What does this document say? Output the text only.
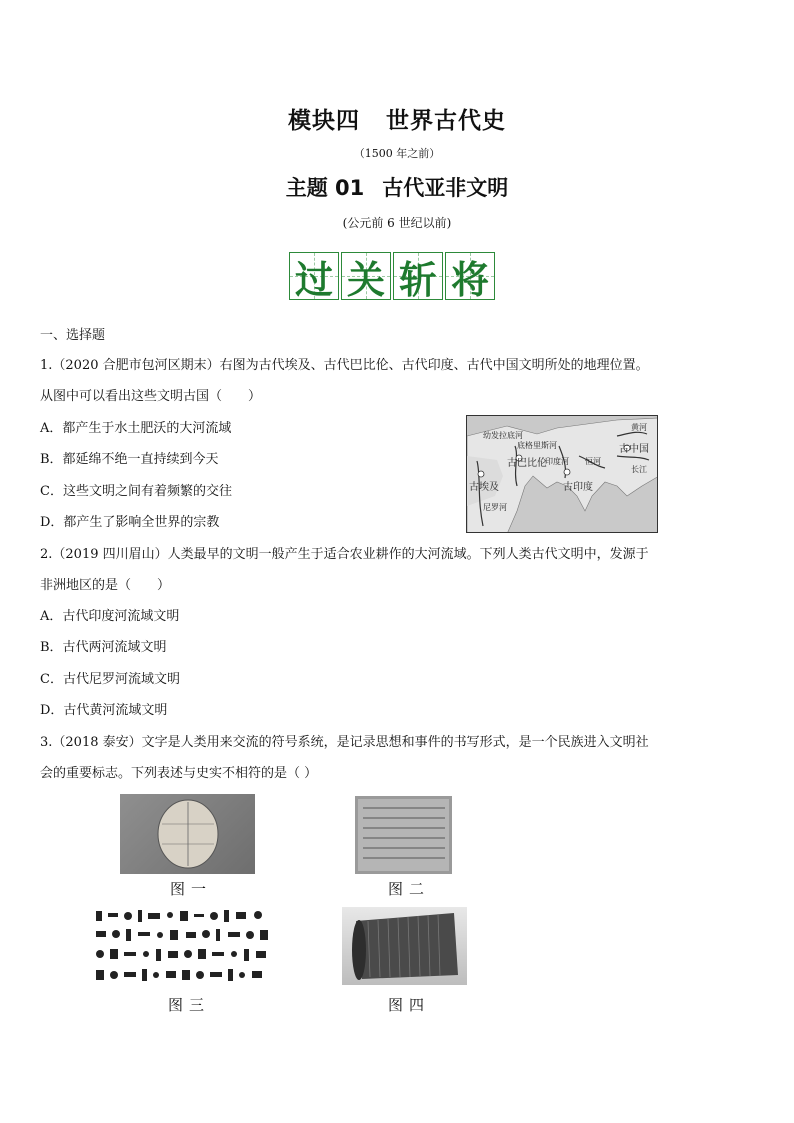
模块四 世界古代史
（1500 年之前）
主题 01 古代亚非文明
(公元前 6 世纪以前)
过 关 斩 将
一、选择题
1.（2020 合肥市包河区期末）右图为古代埃及、古代巴比伦、古代印度、古代中国文明所处的地理位置。
从图中可以看出这些文明古国（　　）
A．都产生于水土肥沃的大河流域
B．都延绵不绝一直持续到今天
C．这些文明之间有着频繁的交往
D．都产生了影响全世界的宗教
幼发拉底河
底格里斯河
古巴比伦
古埃及
尼罗河
印度河
古印度
恒河
古中国
黄河
长江
2.（2019 四川眉山）人类最早的文明一般产生于适合农业耕作的大河流域。下列人类古代文明中，发源于
非洲地区的是（　　）
A．古代印度河流域文明
B．古代两河流域文明
C．古代尼罗河流域文明
D．古代黄河流域文明
3.（2018 泰安）文字是人类用来交流的符号系统，是记录思想和事件的书写形式，是一个民族进入文明社
会的重要标志。下列表述与史实不相符的是（ ）
图一	图二
图三	图四
